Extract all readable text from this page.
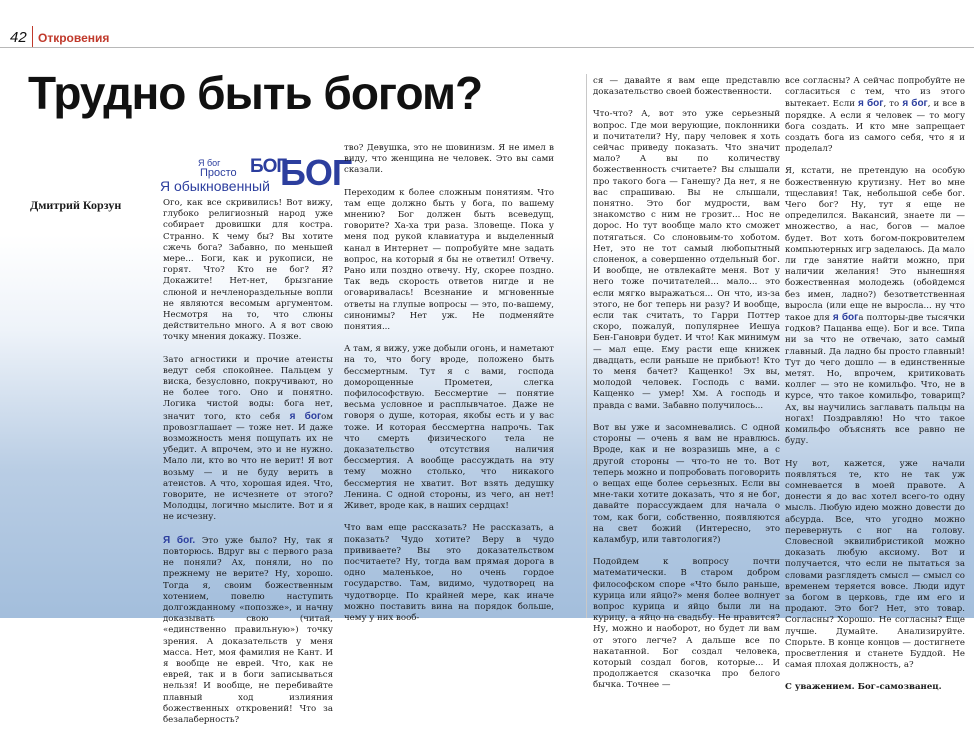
42 Откровения
Трудно быть богом?
Я бог
Просто БОГ
Я обыкновенный БОГ
Дмитрий Корзун	Ого, как все скривились! Вот вижу, глубоко религиозный народ уже собирает дровишки для костра. Странно. К чему бы? Вы хотите сжечь бога? Забавно, по меньшей мере... Боги, как и рукописи, не горят. Что? Кто не бог? Я? Докажите! Нет-нет, брызгание слюной и нечленораздельные вопли не являются весомым аргументом. Несмотря на то, что слюны действительно много. А я вот свою точку мнения докажу. Позже.

Зато агностики и прочие атеисты ведут себя спокойнее. Пальцем у виска, безусловно, покручивают, но не более того. Оно и понятно. Логика чистой воды: бога нет, значит того, кто себя я богом провозглашает — тоже нет. И даже возможность меня пощупать их не убедит. А впрочем, это и не нужно. Мало ли, кто во что не верит! Я вот возьму — и не буду верить в атеистов. А что, хорошая идея. Что, говорите, не исчезнете от этого? Молодцы, логично мыслите. Вот и я не исчезну.

Я бог. Это уже было? Ну, так я повторюсь. Вдруг вы с первого раза не поняли? Ах, поняли, но по прежнему не верите? Ну, хорошо. Тогда я, своим божественным хотением, повелю наступить долгожданному «попозже», и начну доказывать свою (читай, «единственно правильную») точку зрения. А доказательств у меня масса. Нет, моя фамилия не Кант. И я вообще не еврей. Что, как не еврей, так и в боги записываться нельзя! И вообще, не перебивайте плавный ход излияния божественных откровений! Что за безалаберность?

тво? Девушка, это не шовинизм. Я не имел в виду, что женщина не человек. Это вы сами сказали.

Переходим к более сложным понятиям. Что там еще должно быть у бога, по вашему мнению? Бог должен быть всеведущ, говорите? Ха-ха три раза. Зловеще. Пока у меня под рукой клавиатура и выделенный канал в Интернет — попробуйте мне задать вопрос, на который я бы не ответил! Отвечу. Рано или поздно отвечу. Ну, скорее поздно. Так ведь скорость ответов нигде и не оговаривалась! Всезнание и мгновенные ответы на глупые вопросы — это, по-вашему, синонимы? Нет уж. Не подменяйте понятия...

А там, я вижу, уже добыли огонь, и наметают на то, что богу вроде, положено быть бессмертным. Тут я с вами, господа доморощенные Прометеи, слегка пофилософствую. Бессмертие — понятие весьма условное и расплывчатое. Даже не говоря о душе, которая, якобы есть и у вас тоже. И которая бессмертна напрочь. Так что смерть физического тела не доказательство отсутствия наличия бессмертия. А вообще рассуждать на эту тему можно столько, что никакого бессмертия не хватит. Вот взять дедушку Ленина. С одной стороны, из чего, ан нет! Живет, вроде как, в наших сердцах!

Что вам еще рассказать? Не рассказать, а показать? Чудо хотите? Веру в чудо прививаете? Вы это доказательством посчитаете? Ну, тогда вам прямая дорога в одно маленькое, но очень гордое государство. Там, видимо, чудотворец на чудотворце. По крайней мере, как иначе можно поставить вина на порядок больше, чему у них вооб-

ся — давайте я вам еще представлю доказательство своей божественности.

Что-что? А, вот это уже серьезный вопрос. Где мои верующие, поклонники и почитатели? Ну, пару человек я хоть сейчас приведу показать. Что значит мало? А вы по количеству божественность считаете? Вы слышали про такого бога — Ганешу? Да нет, я не вас спрашиваю. Вы не слышали, понятно. Это бог мудрости, вам знакомство с ним не грозит... Нос не дорос. Но тут вообще мало кто сможет потягаться. Со слоновьим-то хоботом. Нет, это не тот самый любопытный слоненок, а совершенно отдельный бог. И вообще, не отвлекайте меня. Вот у него тоже почитателей... мало... это если мягко выражаться... Он что, из-за этого, не бог теперь ни разу? И вообще, если так считать, то Гарри Поттер скоро, пожалуй, популярнее Иешуа Бен-Гановри будет. И что! Как минимум — мал еще. Ему расти еще книжек двадцать, если раньше не прибьют! Кто то меня бачет? Кащенко! Эх вы, молодой человек. Господь с вами. Кащенко — умер! Хм. А господь и правда с вами. Забавно получилось...

Вот вы уже и засомневались. С одной стороны — очень я вам не нравлюсь. Вроде, как и не возразишь мне, а с другой стороны — что-то не то. Вот теперь можно и попробовать поговорить о вещах еще более серьезных. Если вы мне-таки хотите доказать, что я не бог, давайте порассуждаем для начала о том, как боги, собственно, появляются на свет божий (Интересно, это каламбур, или тавтология?)

Подойдем к вопросу почти математически. В старом добром философском споре «Что было раньше, курица или яйцо?» меня более волнует вопрос курица и яйцо были ли на курицу, а яйцо на свадьбу. Не нравится? Ну, можно и наоборот, но будет ли вам от этого легче? А дальше все по накатанной. Бог создал человека, который создал богов, которые... И продолжается сказочка про белого бычка. Точнее —

все согласны? А сейчас попробуйте не согласиться с тем, что из этого вытекает. Если я бог, то я бог, и все в порядке. А если я человек — то могу бога создать. И кто мне запрещает создать бога из самого себя, что я и проделал?

Я, кстати, не претендую на особую божественную крутизну. Нет во мне тщеславия! Так, небольшой себе бог. Чего бог? Ну, тут я еще не определился. Вакансий, знаете ли — множество, а нас, богов — малое будет. Вот хоть богом-покровителем компьютерных игр заделаюсь. Да мало ли где занятие найти можно, при наличии желания! Это нынешняя божественная молодежь (обойдемся без имен, ладно?) безответственная выросла (или еще не выросла... ну что такое для я бога полторы-две тысячки годков? Пацанва еще). Бог и все. Типа ни за что не отвечаю, зато самый главный. Да ладно бы просто главный! Тут до чего дошло — в единственные метят. Но, впрочем, критиковать коллег — это не комильфо. Что, не в курсе, что такое комильфо, товарищ? Ах, вы научились заглавать пальцы на ногах! Поздравляю! Но что такое комильфо объяснять все равно не буду.

Ну вот, кажется, уже начали появляться те, кто не так уж сомневается в моей правоте. А донести я до вас хотел всего-то одну мысль. Любую идею можно довести до абсурда. Все, что угодно можно перевернуть с ног на голову. Словесной эквилибристикой можно доказать любую аксиому. Вот и получается, что если не пытаться за словами разглядеть смысл — смысл со временем теряется вовсе. Люди идут за богом в церковь, где им его и продают. Это бог? Нет, это товар. Согласны? Хорошо. Не согласны? Еще лучше. Думайте. Анализируйте. Спорьте. В конце концов — достигнете просветления и станете Буддой. Не самая плохая должность, а?

С уважением. Бог-самозванец.
